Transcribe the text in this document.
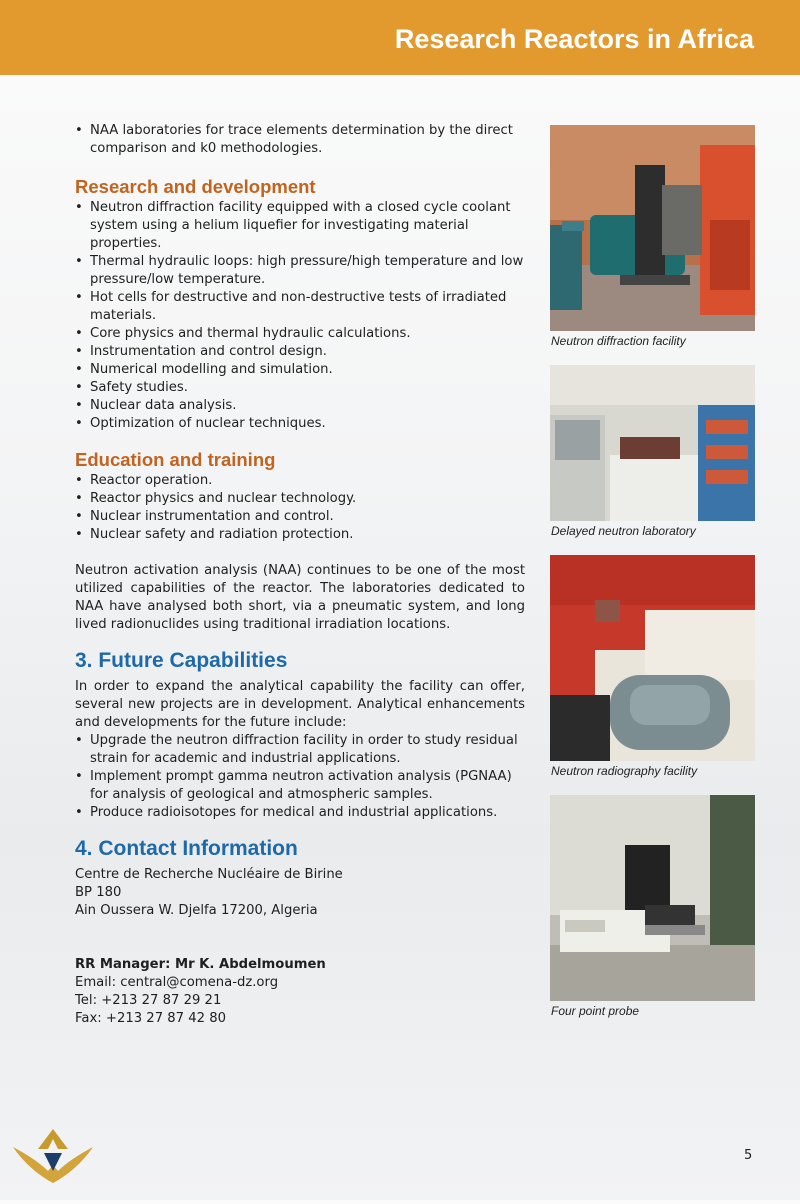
Research Reactors in Africa
• NAA laboratories for trace elements determination by the direct comparison and k0 methodologies.
Research and development
• Neutron diffraction facility equipped with a closed cycle coolant system using a helium liquefier for investigating material properties.
• Thermal hydraulic loops: high pressure/high temperature and low pressure/low temperature.
• Hot cells for destructive and non-destructive tests of irradiated materials.
• Core physics and thermal hydraulic calculations.
• Instrumentation and control design.
• Numerical modelling and simulation.
• Safety studies.
• Nuclear data analysis.
• Optimization of nuclear techniques.
Education and training
• Reactor operation.
• Reactor physics and nuclear technology.
• Nuclear instrumentation and control.
• Nuclear safety and radiation protection.

Neutron activation analysis (NAA) continues to be one of the most utilized capabilities of the reactor. The laboratories dedicated to NAA have analysed both short, via a pneumatic system, and long lived radionuclides using traditional irradiation locations.

3. Future Capabilities

In order to expand the analytical capability the facility can offer, several new projects are in development. Analytical enhancements and developments for the future include:

• Upgrade the neutron diffraction facility in order to study residual strain for academic and industrial applications.
• Implement prompt gamma neutron activation analysis (PGNAA) for analysis of geological and atmospheric samples.
• Produce radioisotopes for medical and industrial applications.
4. Contact Information
Centre de Recherche Nucléaire de Birine
BP 180
Ain Oussera W. Djelfa 17200, Algeria
RR Manager: Mr K. Abdelmoumen
Email: central@comena-dz.org
Tel: +213 27 87 29 21
Fax: +213 27 87 42 80
Neutron diffraction facility
Delayed neutron laboratory
Neutron radiography facility
Four point probe
5
